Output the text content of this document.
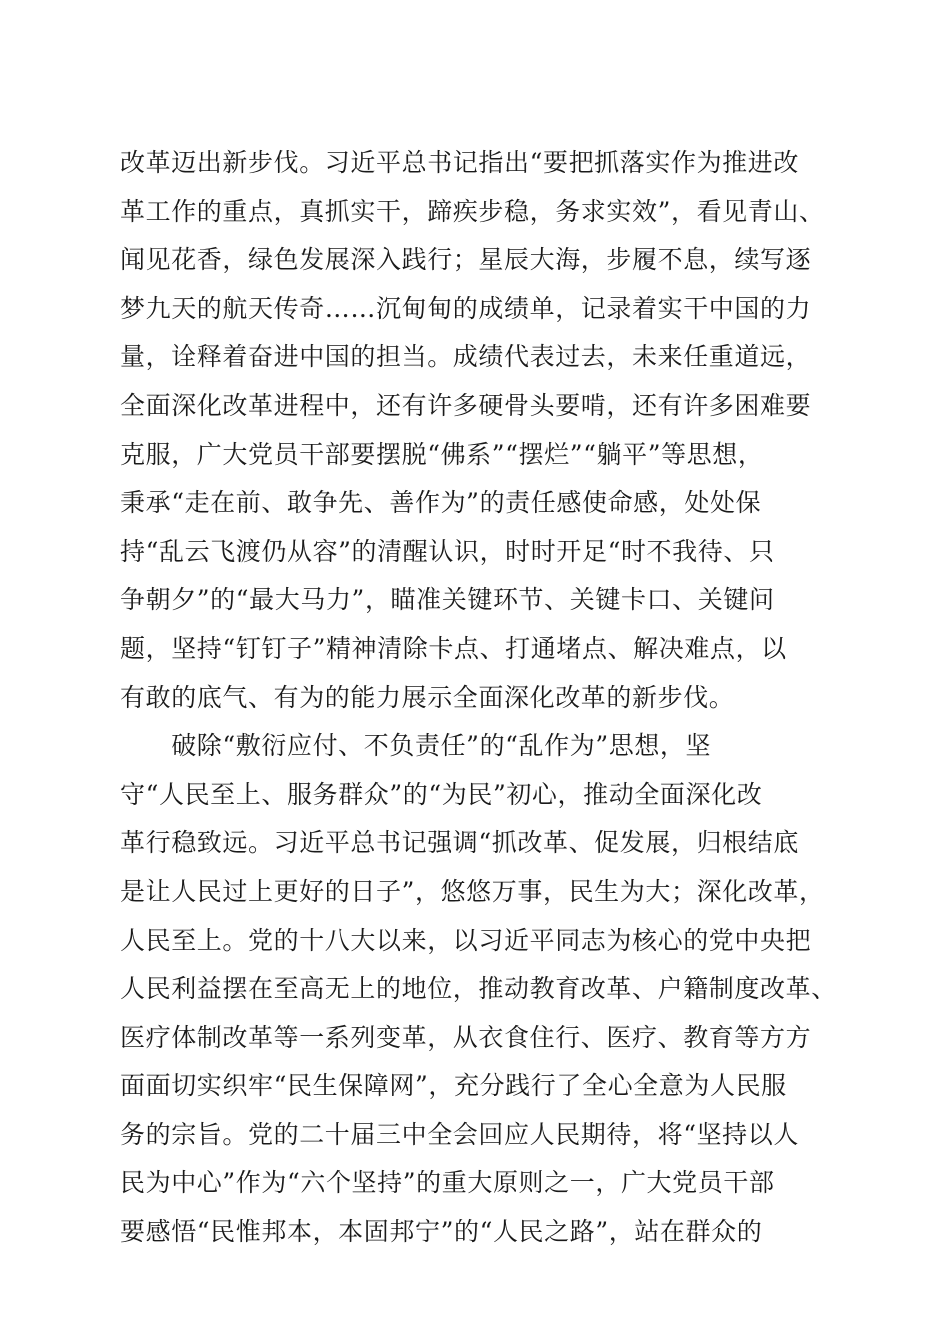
改革迈出新步伐。习近平总书记指出“要把抓落实作为推进改
革工作的重点，真抓实干，蹄疾步稳，务求实效”，看见青山、
闻见花香，绿色发展深入践行；星辰大海，步履不息，续写逐
梦九天的航天传奇……沉甸甸的成绩单，记录着实干中国的力
量，诠释着奋进中国的担当。成绩代表过去，未来任重道远，
全面深化改革进程中，还有许多硬骨头要啃，还有许多困难要
克服，广大党员干部要摆脱“佛系”“摆烂”“躺平”等思想，
秉承“走在前、敢争先、善作为”的责任感使命感，处处保
持“乱云飞渡仍从容”的清醒认识，时时开足“时不我待、只
争朝夕”的“最大马力”，瞄准关键环节、关键卡口、关键问
题，坚持“钉钉子”精神清除卡点、打通堵点、解决难点，以
有敢的底气、有为的能力展示全面深化改革的新步伐。
　　破除“敷衍应付、不负责任”的“乱作为”思想，坚
守“人民至上、服务群众”的“为民”初心，推动全面深化改
革行稳致远。习近平总书记强调“抓改革、促发展，归根结底
是让人民过上更好的日子”，悠悠万事，民生为大；深化改革，
人民至上。党的十八大以来，以习近平同志为核心的党中央把
人民利益摆在至高无上的地位，推动教育改革、户籍制度改革、
医疗体制改革等一系列变革，从衣食住行、医疗、教育等方方
面面切实织牢“民生保障网”，充分践行了全心全意为人民服
务的宗旨。党的二十届三中全会回应人民期待，将“坚持以人
民为中心”作为“六个坚持”的重大原则之一，广大党员干部
要感悟“民惟邦本，本固邦宁”的“人民之路”，站在群众的
